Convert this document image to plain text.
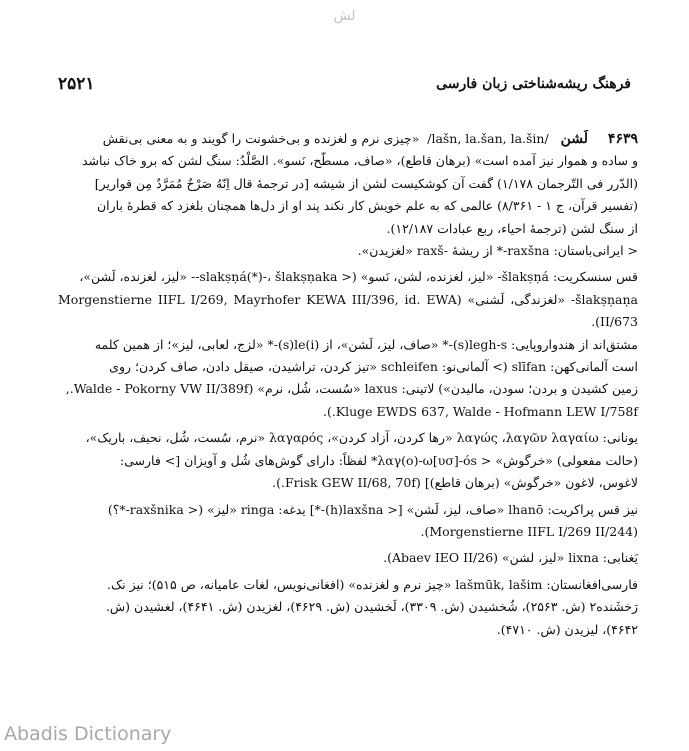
لش
۲۵۲۱	فرهنگ ریشه‌شناختی زبان فارسی

۴۶۳۹     لَشن   /lašn, la.šan, la.šin/  «چیزی نرم و لغزنده و بی‌خشونت را گویند و به معنی بی‌نقش

و ساده و هموار نیز آمده است» (برهان قاطع)، «صاف، مسطّح، نَسو». الصَّلْدُ: سنگ لشن که برو خاک نباشد

(الدّرر فی التّرجمان ۱/۱۷۸) گفت آن کوشکیست لشن از شیشه [در ترجمهٔ قال اِنّهُ صَرْحٌ مُمَرَّدٌ مِن قواریر]

(تفسیر قرآن، ج ۱ - ۸/۳۶۱) عالمی که به علم خویش کار نکند پند او از دل‌ها همچنان بلغزد که قطرهٔ باران

از سنگ لشن (ترجمهٔ احیاء، ربع عبادات ۱۲/۱۸۷).

< ایرانی‌باستان: ‎-raxšna‎* از ریشهٔ ‎raxš-‎ «لغزیدن».

قس سنسکریت: ‎-šlakṣṇá‎ «لیز، لغزنده، لشن، نَسو» (< ‎-slakṣṇá‎(*)‎-‎، ‎šlakṣṇaka‎- «لیز، لغزنده، لَشن»،

‎šlakṣṇaṇa‎- «لغزندگی، لَشنی» (Morgenstierne IIFL I/269, Mayrhofer KEWA III/396, id. EWA II/673).

مشتق‌اند از هندواروپایی: ‎-(s)legh-s‎* «صاف، لیز، لَشن»، از ‎-(s)le(i)‎* «لزج، لعابی، لیز»؛ از همین کلمه

است آلمانی‌کهن: ‎slīfan‎ (> آلمانی‌نو: ‎schleifen‎ «تیز کردن، تراشیدن، صیقل دادن، صاف کردن؛ روی

زمین کشیدن و بردن؛ سودن، مالیدن») لاتینی: ‎laxus‎ «سُست، شُل، نرم» (Walde - Pokorny VW II/389f.,

Kluge EWDS 637, Walde - Hofmann LEW I/758f.).

یونانی: ‎λαγώς ،λαγῶν‎ ‎λαγαίω‎ «رها کردن، آزاد کردن»، ‎λαγαρός‎ «نرم، سُست، شُل، نحیف، باریک»،

(حالت مفعولی) «خرگوش» < ‎*λαγ(o)-ω[υσ]-ós‎ لفظاً: دارای گوش‌های شُل و آویزان [> فارسی:

لاغوس، لاغون «خرگوش» (برهان قاطع)] (Frisk GEW II/68, 70f.).

نیز قس پراکریت: ‎lhanō‎ «صاف، لیز، لَشن» [< ‎-(h)laxšna‎*] یدغه: ‎ringa‎ «لیز» (< ‎-raxšnika‎*؟)

(Morgenstierne IIFL I/269 II/244).

یَغنابی: ‎lixna‎ «لیز، لشن» (Abaev IEO II/26).

فارسی‌افغانستان: ‎lašmūk, lašim‎ «چیز نرم و لغزنده» (افغانی‌نویس، لغات عامیانه، ص ۵۱۵)؛ نیز نک.

رَخشَنده۲ (ش. ۲۵۶۳)، شُخشیدن (ش. ۳۳۰۹)، لَخشیدن (ش. ۴۶۲۹)، لغزیدن (ش. ۴۶۴۱)، لغشیدن (ش.

۴۶۴۲)، لیزیدن (ش. ۴۷۱۰).

Abadis Dictionary
